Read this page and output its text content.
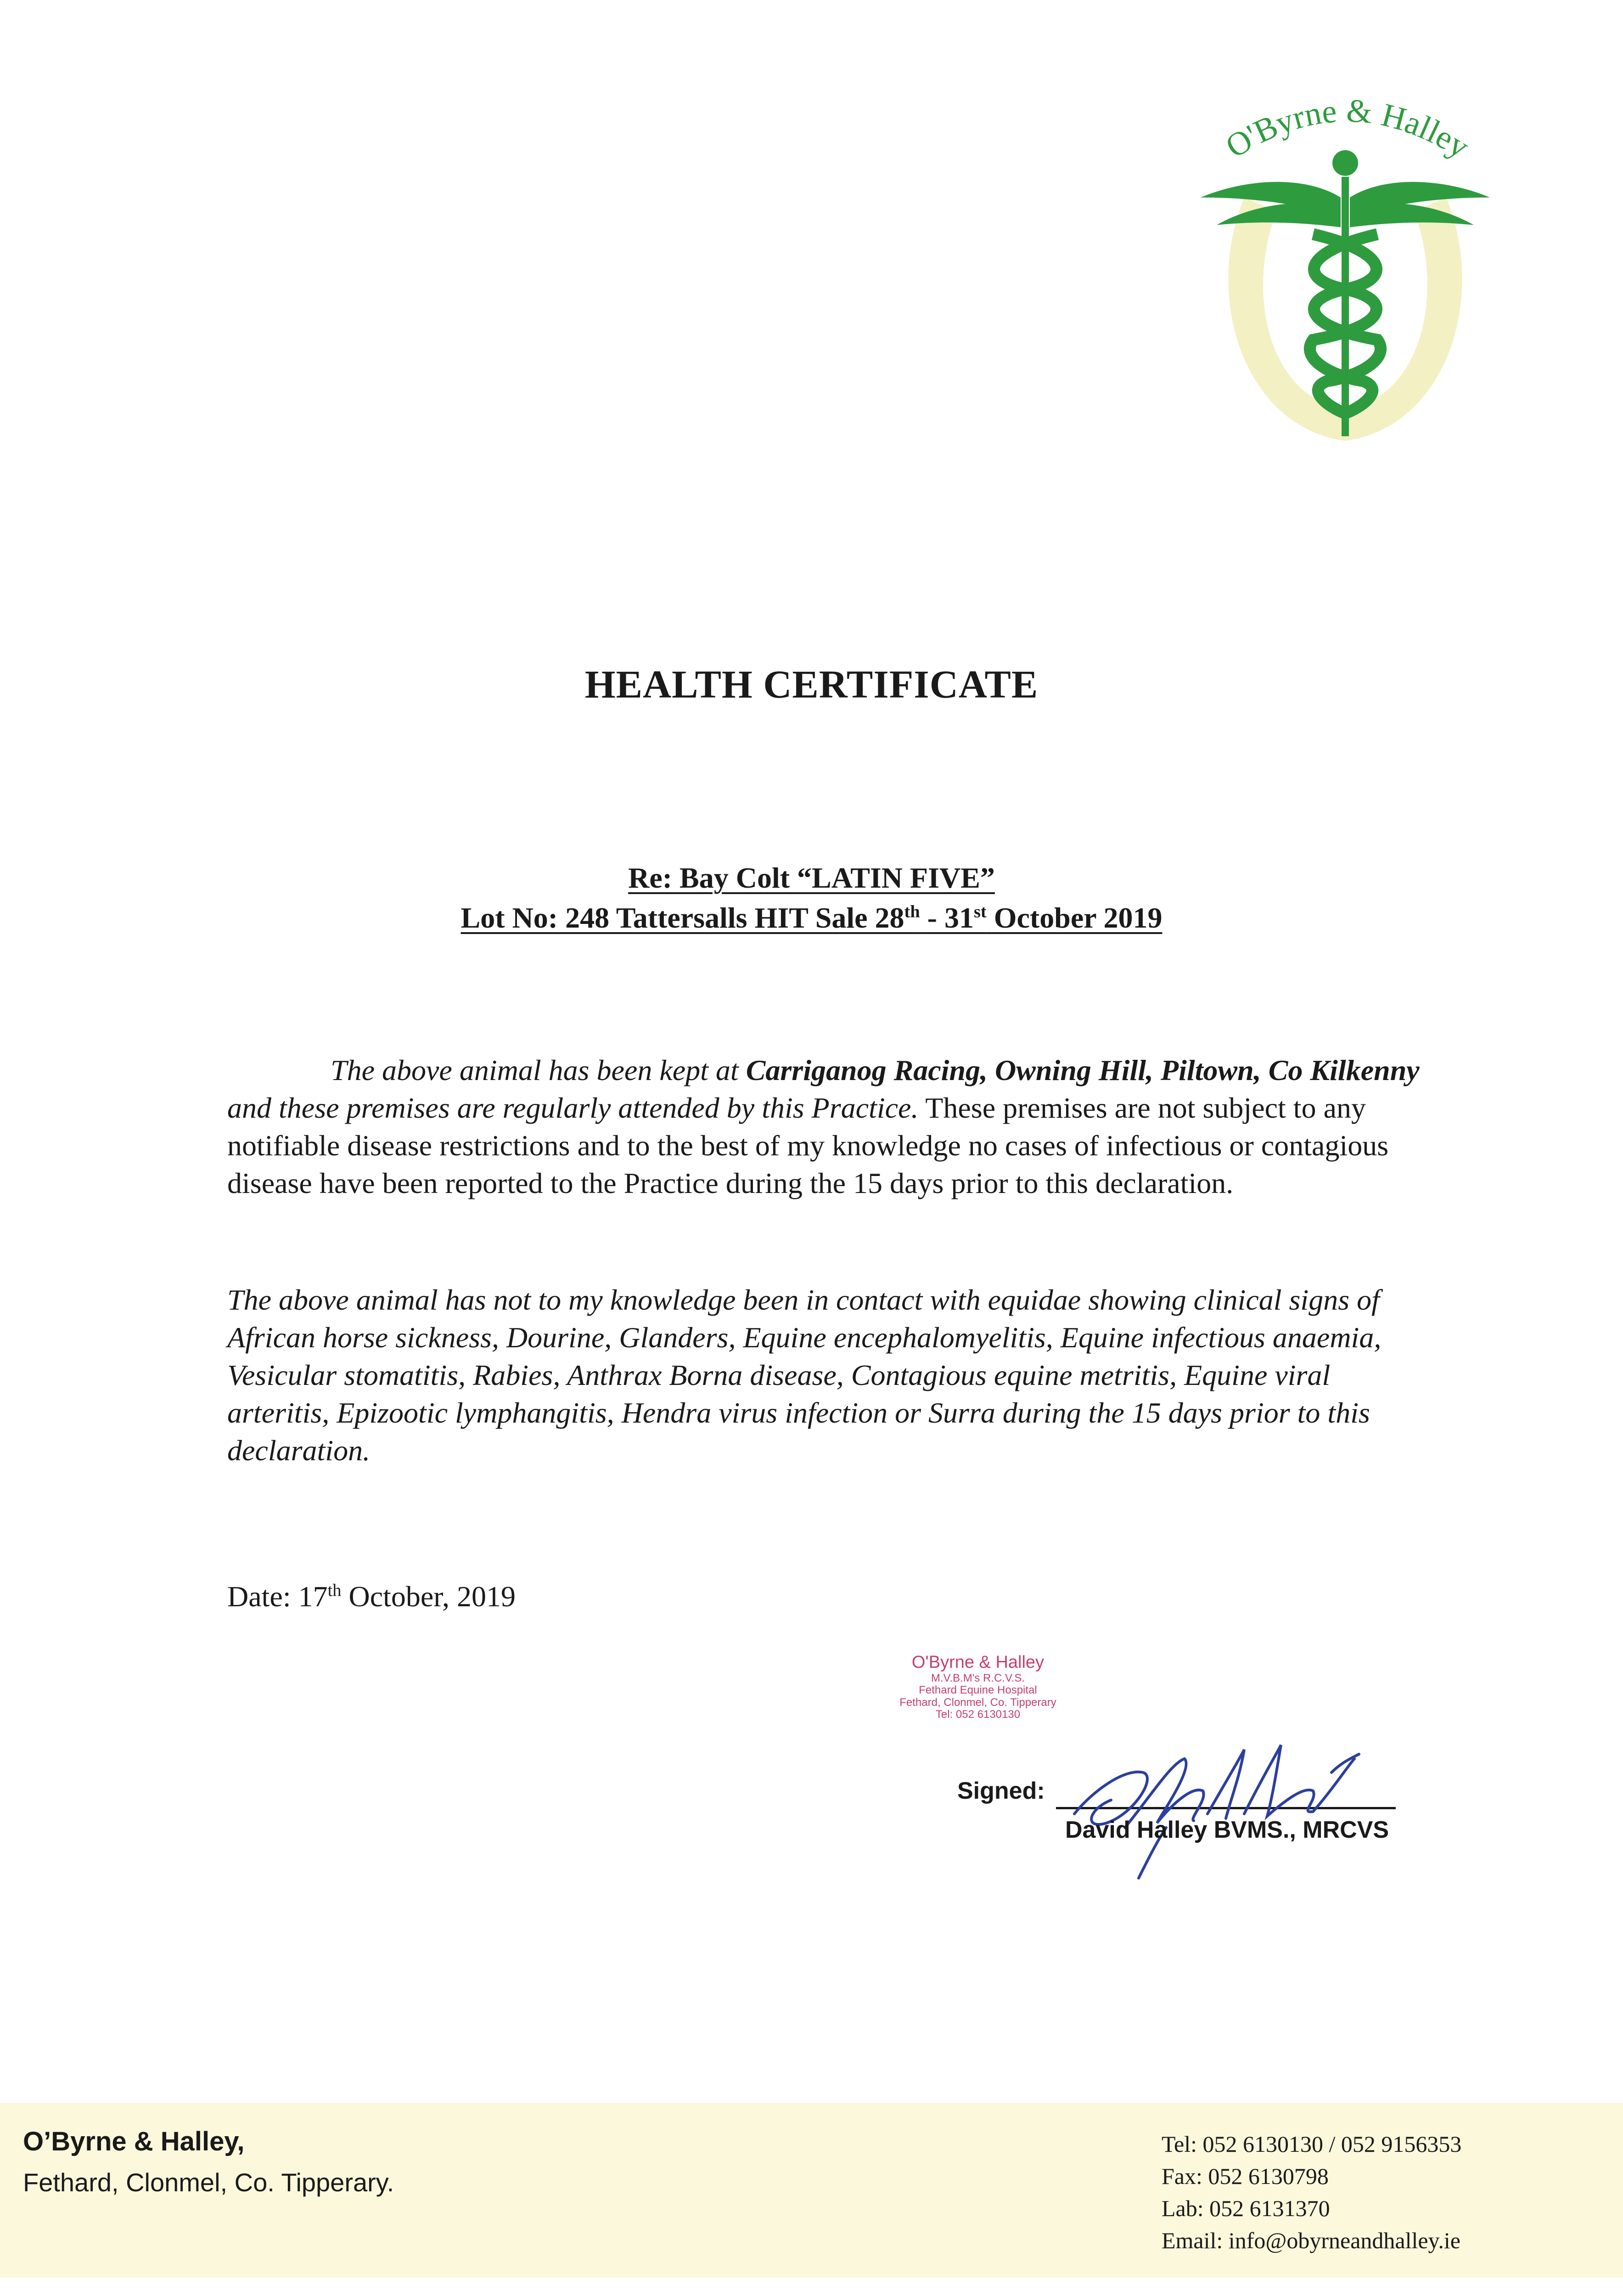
O'Byrne & Halley
HEALTH CERTIFICATE
Re: Bay Colt “LATIN FIVE”
Lot No: 248 Tattersalls HIT Sale 28th - 31st October 2019
The above animal has been kept at Carriganog Racing, Owning Hill, Piltown, Co Kilkenny and these premises are regularly attended by this Practice. These premises are not subject to any notifiable disease restrictions and to the best of my knowledge no cases of infectious or contagious disease have been reported to the Practice during the 15 days prior to this declaration.
The above animal has not to my knowledge been in contact with equidae showing clinical signs of African horse sickness, Dourine, Glanders, Equine encephalomyelitis, Equine infectious anaemia, Vesicular stomatitis, Rabies, Anthrax Borna disease, Contagious equine metritis, Equine viral arteritis, Epizootic lymphangitis, Hendra virus infection or Surra during the 15 days prior to this declaration.
Date: 17th October, 2019
O'Byrne & Halley
M.V.B.M's R.C.V.S.
Fethard Equine Hospital
Fethard, Clonmel, Co. Tipperary
Tel: 052 6130130
Signed:
David Halley BVMS., MRCVS
O’Byrne & Halley,
Fethard, Clonmel, Co. Tipperary.
Tel: 052 6130130 / 052 9156353
Fax: 052 6130798
Lab: 052 6131370
Email: info@obyrneandhalley.ie
